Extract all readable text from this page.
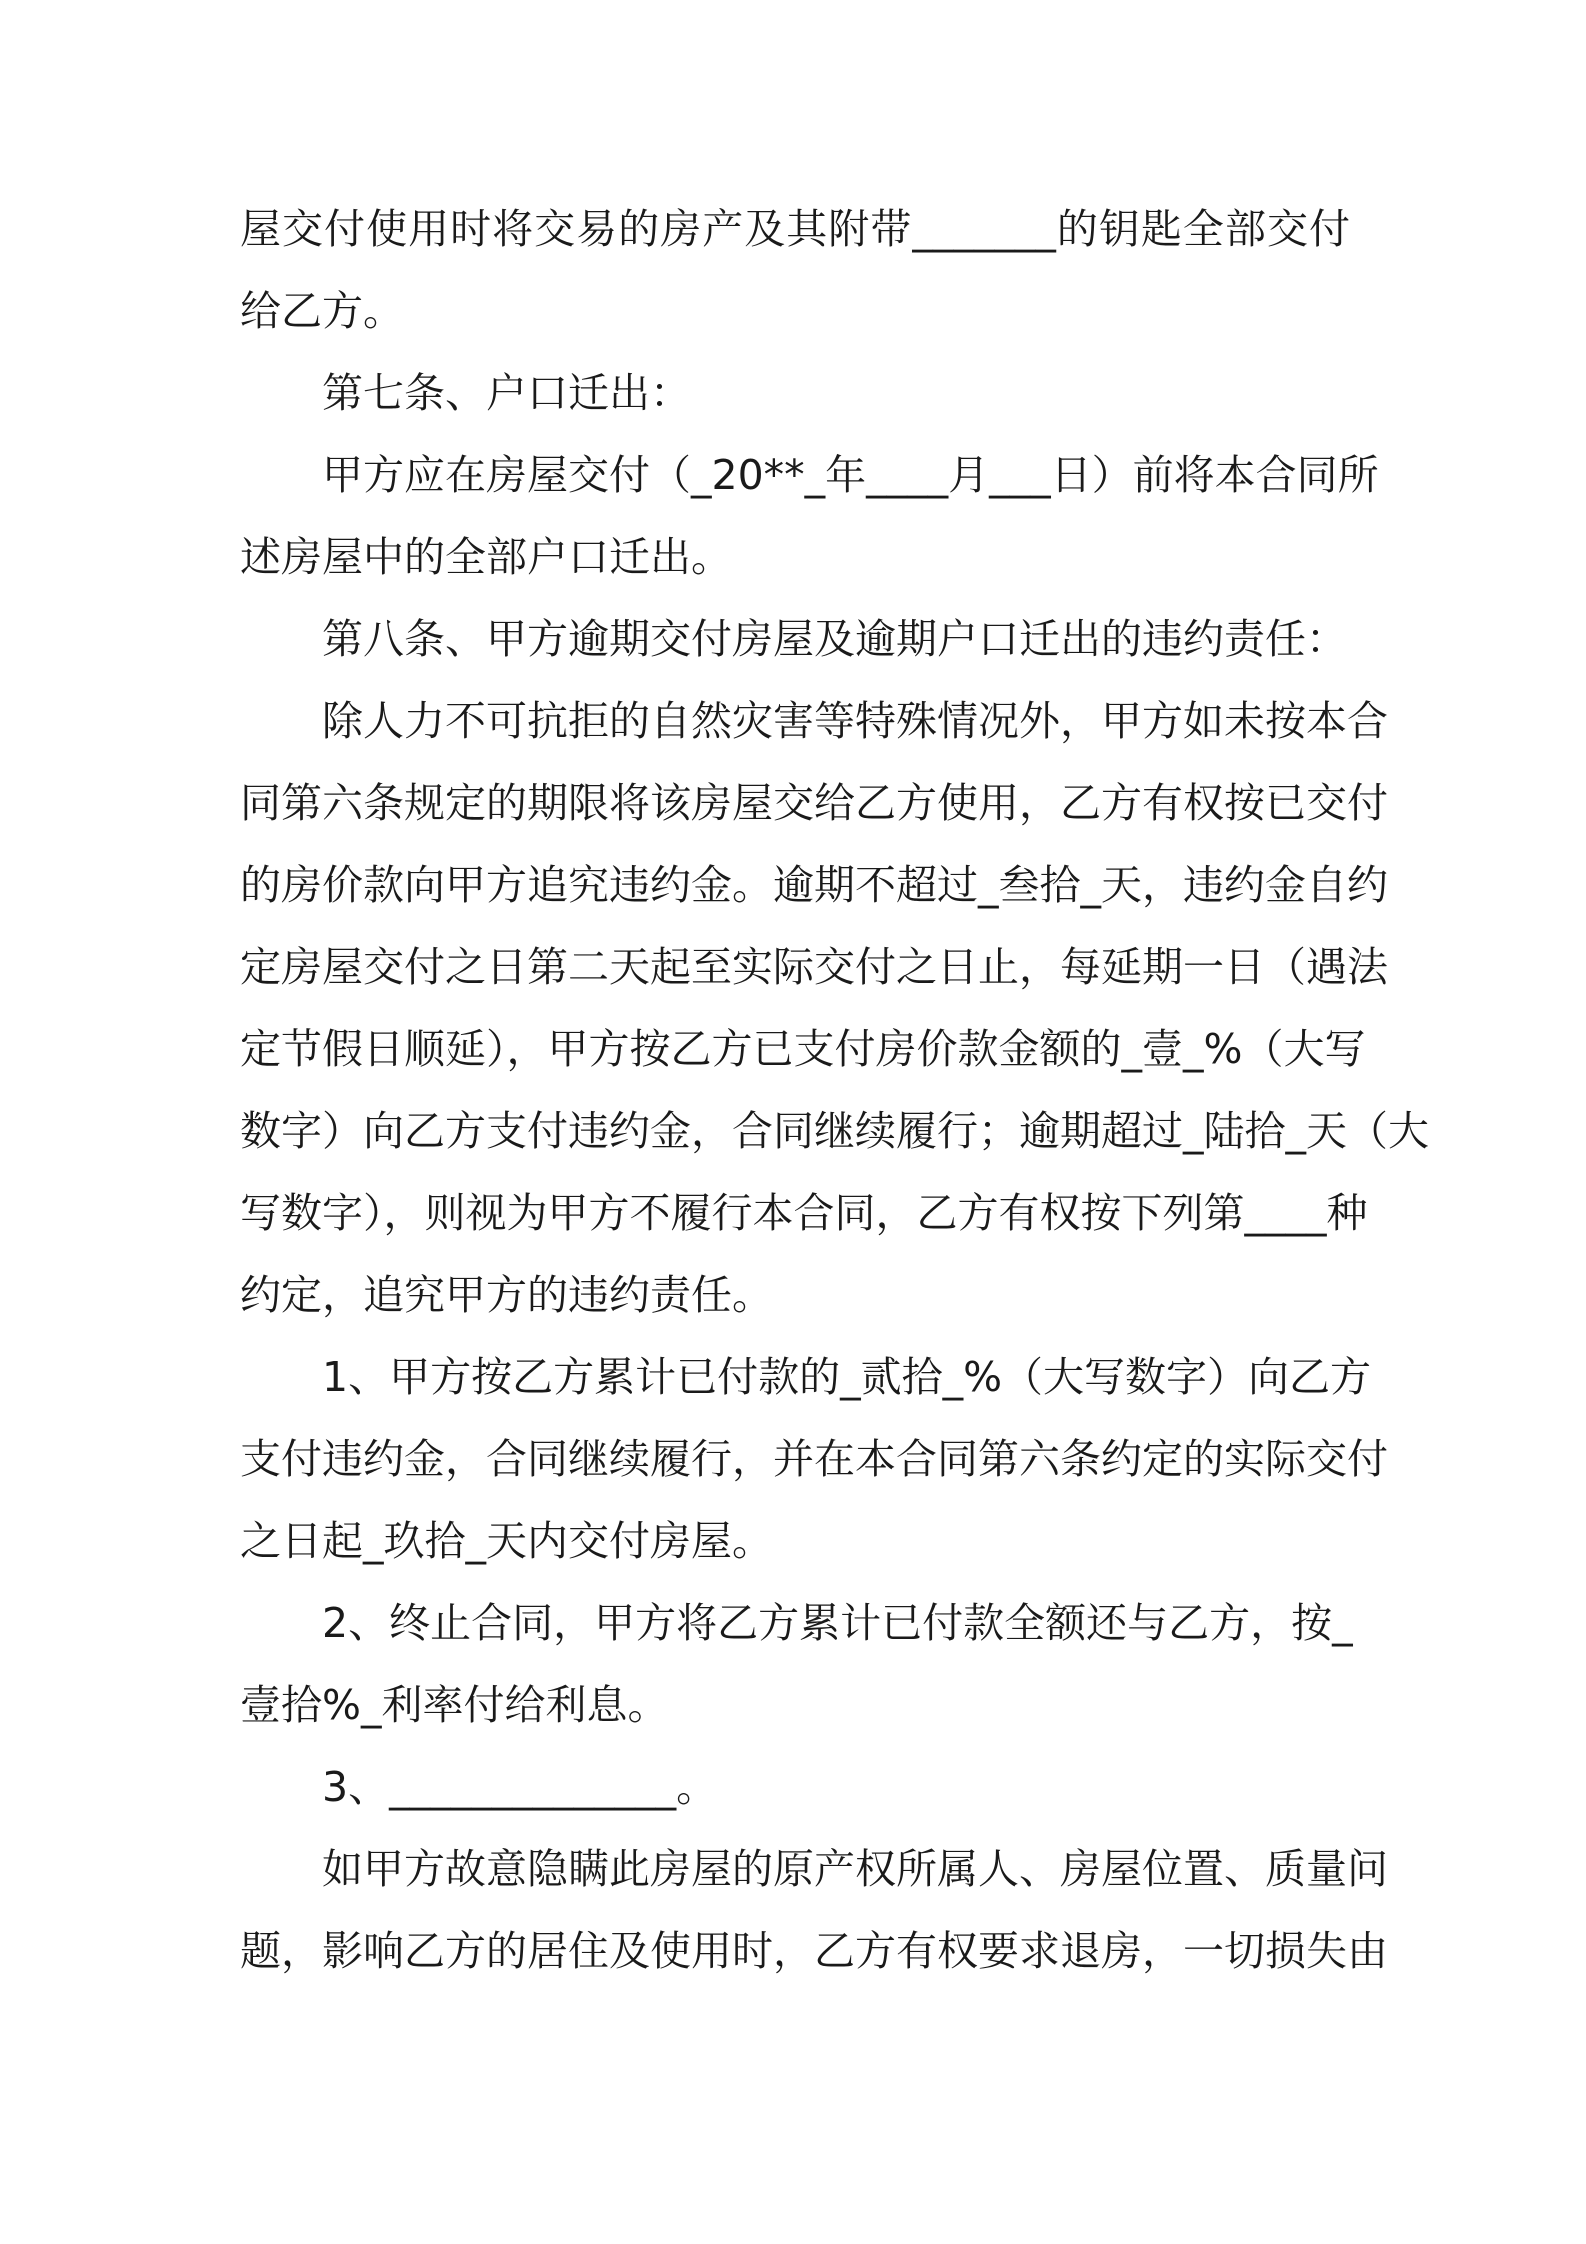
屋交付使用时将交易的房产及其附带_______的钥匙全部交付

给乙方。

第七条、户口迁出：

甲方应在房屋交付（_20**_年____月___日）前将本合同所

述房屋中的全部户口迁出。

第八条、甲方逾期交付房屋及逾期户口迁出的违约责任：

除人力不可抗拒的自然灾害等特殊情况外，甲方如未按本合

同第六条规定的期限将该房屋交给乙方使用，乙方有权按已交付

的房价款向甲方追究违约金。逾期不超过_叁拾_天，违约金自约

定房屋交付之日第二天起至实际交付之日止，每延期一日（遇法

定节假日顺延），甲方按乙方已支付房价款金额的_壹_%（大写

数字）向乙方支付违约金，合同继续履行；逾期超过_陆拾_天（大

写数字），则视为甲方不履行本合同，乙方有权按下列第____种

约定，追究甲方的违约责任。

1、甲方按乙方累计已付款的_贰拾_%（大写数字）向乙方

支付违约金，合同继续履行，并在本合同第六条约定的实际交付

之日起_玖拾_天内交付房屋。

2、终止合同，甲方将乙方累计已付款全额还与乙方，按_

壹拾%_利率付给利息。

3、______________。

如甲方故意隐瞒此房屋的原产权所属人、房屋位置、质量问

题，影响乙方的居住及使用时，乙方有权要求退房，一切损失由
